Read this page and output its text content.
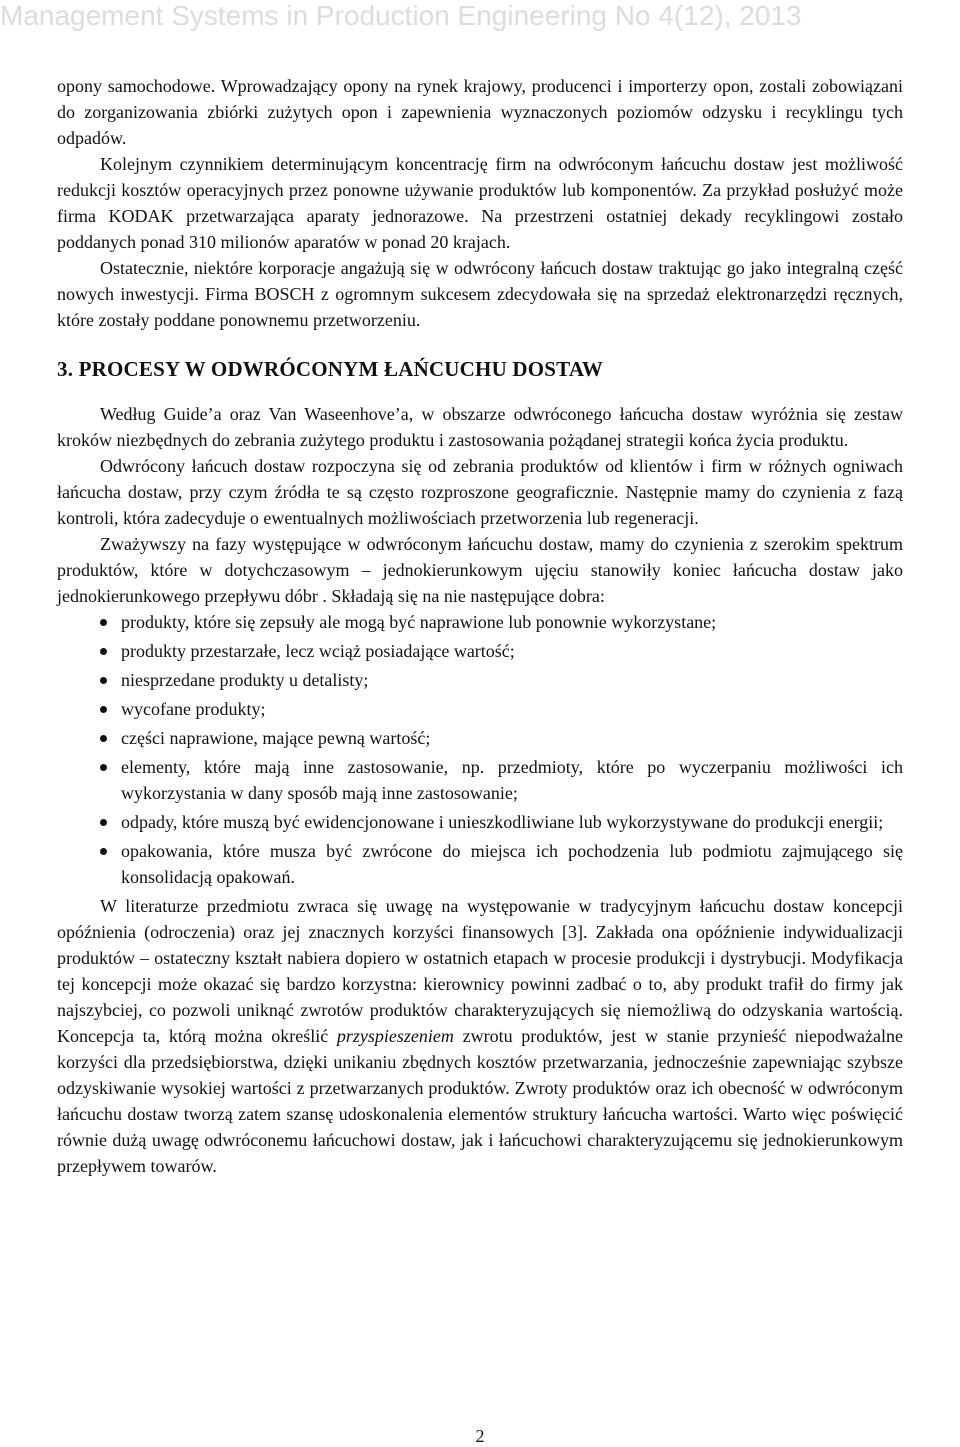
Management Systems in Production Engineering No 4(12), 2013

opony samochodowe. Wprowadzający opony na rynek krajowy, producenci i importerzy opon, zostali zobowiązani do zorganizowania zbiórki zużytych opon i zapewnienia wyznaczonych poziomów odzysku i recyklingu tych odpadów.

Kolejnym czynnikiem determinującym koncentrację firm na odwróconym łańcuchu dostaw jest możliwość redukcji kosztów operacyjnych przez ponowne używanie produktów lub komponentów. Za przykład posłużyć może firma KODAK przetwarzająca aparaty jednorazowe. Na przestrzeni ostatniej dekady recyklingowi zostało poddanych ponad 310 milionów aparatów w ponad 20 krajach.

Ostatecznie, niektóre korporacje angażują się w odwrócony łańcuch dostaw traktując go jako integralną część nowych inwestycji. Firma BOSCH z ogromnym sukcesem zdecydowała się na sprzedaż elektronarzędzi ręcznych, które zostały poddane ponownemu przetworzeniu.

3. PROCESY W ODWRÓCONYM ŁAŃCUCHU DOSTAW

Według Guide’a oraz Van Waseenhove’a, w obszarze odwróconego łańcucha dostaw wyróżnia się zestaw kroków niezbędnych do zebrania zużytego produktu i zastosowania pożądanej strategii końca życia produktu.

Odwrócony łańcuch dostaw rozpoczyna się od zebrania produktów od klientów i firm w różnych ogniwach łańcucha dostaw, przy czym źródła te są często rozproszone geograficznie. Następnie mamy do czynienia z fazą kontroli, która zadecyduje o ewentualnych możliwościach przetworzenia lub regeneracji.

Zważywszy na fazy występujące w odwróconym łańcuchu dostaw, mamy do czynienia z szerokim spektrum produktów, które w dotychczasowym – jednokierunkowym ujęciu stanowiły koniec łańcucha dostaw jako jednokierunkowego przepływu dóbr . Składają się na nie następujące dobra:

produkty, które się zepsuły ale mogą być naprawione lub ponownie wykorzystane;
produkty przestarzałe, lecz wciąż posiadające wartość;
niesprzedane produkty u detalisty;
wycofane produkty;
części naprawione, mające pewną wartość;
elementy, które mają inne zastosowanie, np. przedmioty, które po wyczerpaniu możliwości ich wykorzystania w dany sposób mają inne zastosowanie;
odpady, które muszą być ewidencjonowane i unieszkodliwiane lub wykorzystywane do produkcji energii;
opakowania, które musza być zwrócone do miejsca ich pochodzenia lub podmiotu zajmującego się konsolidacją opakowań.

W literaturze przedmiotu zwraca się uwagę na występowanie w tradycyjnym łańcuchu dostaw koncepcji opóźnienia (odroczenia) oraz jej znacznych korzyści finansowych [3]. Zakłada ona opóźnienie indywidualizacji produktów – ostateczny kształt nabiera dopiero w ostatnich etapach w procesie produkcji i dystrybucji. Modyfikacja tej koncepcji może okazać się bardzo korzystna: kierownicy powinni zadbać o to, aby produkt trafił do firmy jak najszybciej, co pozwoli uniknąć zwrotów produktów charakteryzujących się niemożliwą do odzyskania wartością. Koncepcja ta, którą można określić przyspieszeniem zwrotu produktów, jest w stanie przynieść niepodważalne korzyści dla przedsiębiorstwa, dzięki unikaniu zbędnych kosztów przetwarzania, jednocześnie zapewniając szybsze odzyskiwanie wysokiej wartości z przetwarzanych produktów. Zwroty produktów oraz ich obecność w odwróconym łańcuchu dostaw tworzą zatem szansę udoskonalenia elementów struktury łańcucha wartości. Warto więc poświęcić równie dużą uwagę odwróconemu łańcuchowi dostaw, jak i łańcuchowi charakteryzującemu się jednokierunkowym przepływem towarów.

2
